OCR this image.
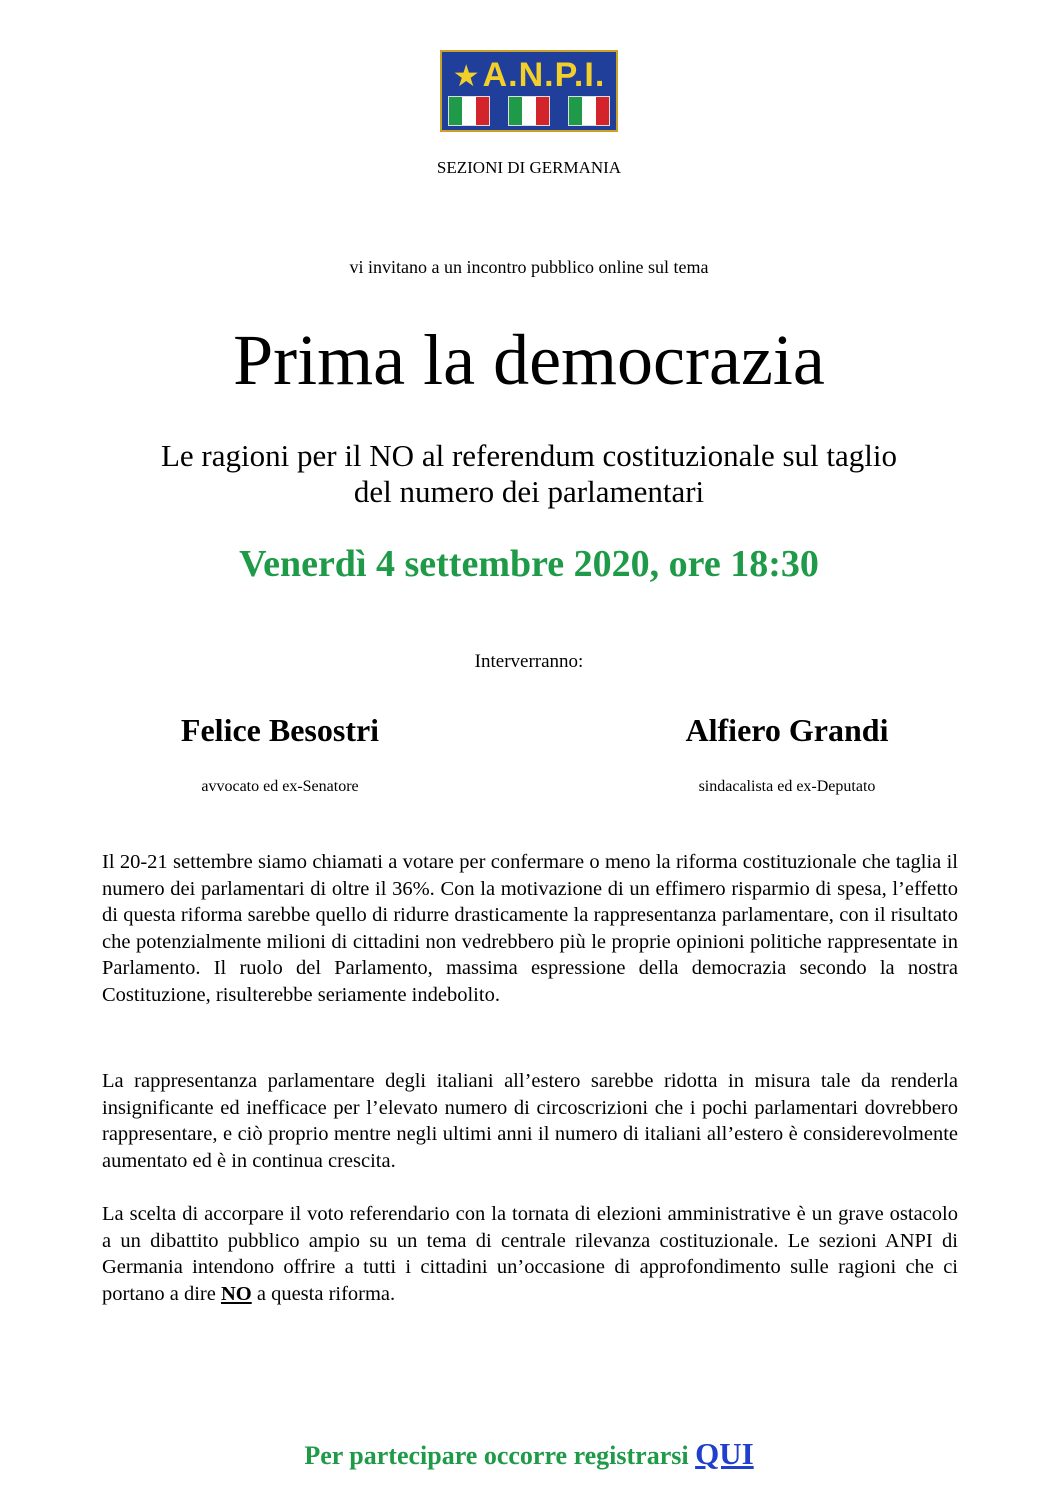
★A.N.P.I.
SEZIONI DI GERMANIA
vi invitano a un incontro pubblico online sul tema
Prima la democrazia
Le ragioni per il NO al referendum costituzionale sul taglio
del numero dei parlamentari
Venerdì 4 settembre 2020, ore 18:30
Interverranno:
Felice Besostri	Alfiero Grandi
avvocato ed ex-Senatore	sindacalista ed ex-Deputato
Il 20-21 settembre siamo chiamati a votare per confermare o meno la riforma costituzionale che taglia il numero dei parlamentari di oltre il 36%. Con la motivazione di un effimero risparmio di spesa, l’effetto di questa riforma sarebbe quello di ridurre drasticamente la rappresentanza parlamentare, con il risultato che potenzialmente milioni di cittadini non vedrebbero più le proprie opinioni politiche rappresentate in Parlamento. Il ruolo del Parlamento, massima espressione della democrazia secondo la nostra Costituzione, risulterebbe seriamente indebolito.
La rappresentanza parlamentare degli italiani all’estero sarebbe ridotta in misura tale da renderla insignificante ed inefficace per l’elevato numero di circoscrizioni che i pochi parlamentari dovrebbero rappresentare, e ciò proprio mentre negli ultimi anni il numero di italiani all’estero è considerevolmente aumentato ed è in continua crescita.
La scelta di accorpare il voto referendario con la tornata di elezioni amministrative è un grave ostacolo a un dibattito pubblico ampio su un tema di centrale rilevanza costituzionale. Le sezioni ANPI di Germania intendono offrire a tutti i cittadini un’occasione di approfondimento sulle ragioni che ci portano a dire NO a questa riforma.
Per partecipare occorre registrarsi QUI
